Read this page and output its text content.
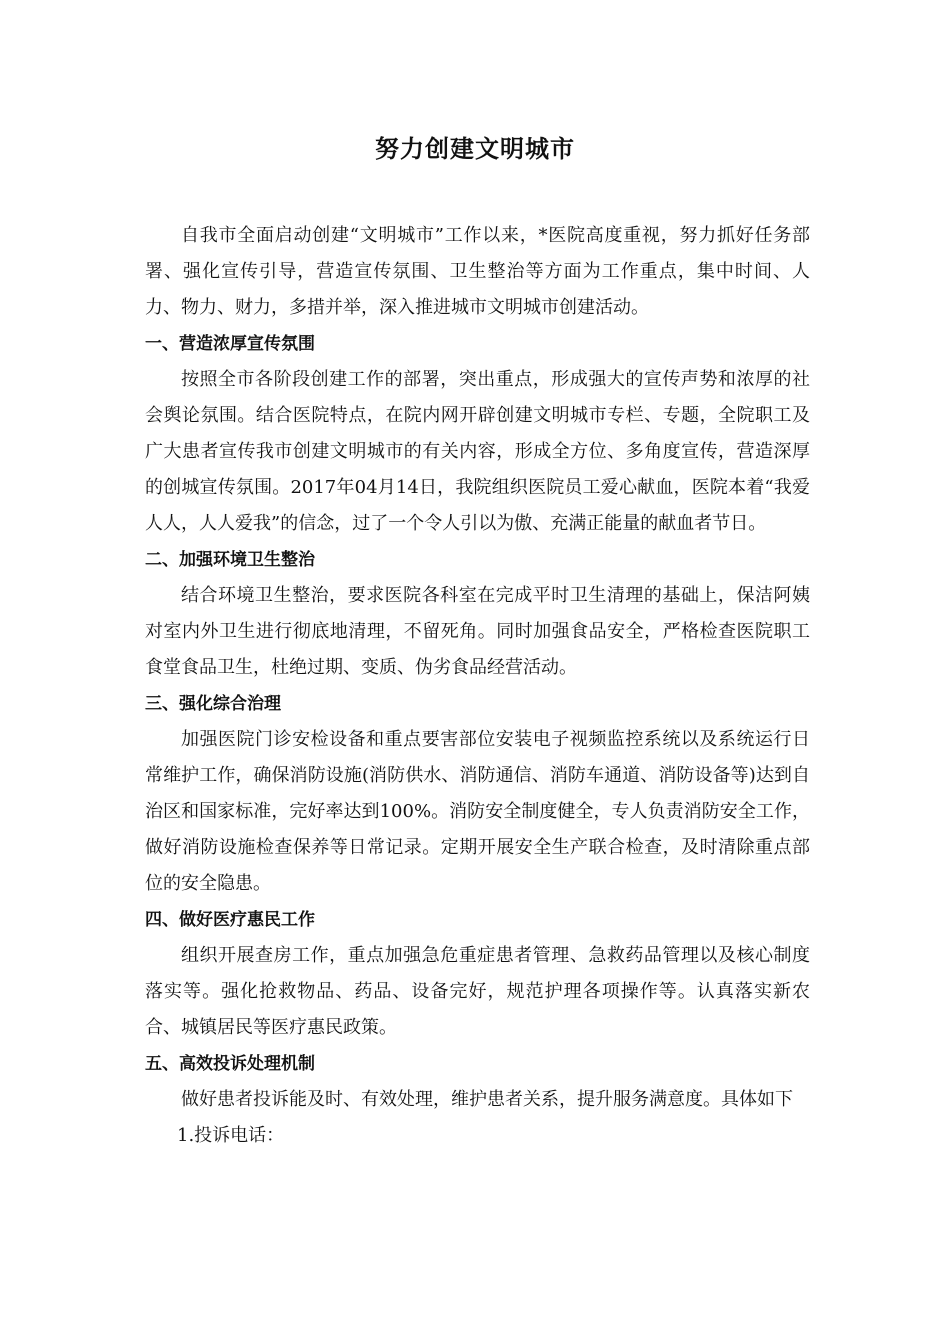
努力创建文明城市

自我市全面启动创建“文明城市”工作以来，*医院高度重视，努力抓好任务部署、强化宣传引导，营造宣传氛围、卫生整治等方面为工作重点，集中时间、人力、物力、财力，多措并举，深入推进城市文明城市创建活动。

一、营造浓厚宣传氛围

按照全市各阶段创建工作的部署，突出重点，形成强大的宣传声势和浓厚的社会舆论氛围。结合医院特点，在院内网开辟创建文明城市专栏、专题，全院职工及广大患者宣传我市创建文明城市的有关内容，形成全方位、多角度宣传，营造深厚的创城宣传氛围。2017年04月14日，我院组织医院员工爱心献血，医院本着“我爱人人，人人爱我”的信念，过了一个令人引以为傲、充满正能量的献血者节日。

二、加强环境卫生整治

结合环境卫生整治，要求医院各科室在完成平时卫生清理的基础上，保洁阿姨对室内外卫生进行彻底地清理，不留死角。同时加强食品安全，严格检查医院职工食堂食品卫生，杜绝过期、变质、伪劣食品经营活动。

三、强化综合治理

加强医院门诊安检设备和重点要害部位安装电子视频监控系统以及系统运行日常维护工作，确保消防设施(消防供水、消防通信、消防车通道、消防设备等)达到自治区和国家标准，完好率达到100%。消防安全制度健全，专人负责消防安全工作，做好消防设施检查保养等日常记录。定期开展安全生产联合检查，及时清除重点部位的安全隐患。

四、做好医疗惠民工作

组织开展查房工作，重点加强急危重症患者管理、急救药品管理以及核心制度落实等。强化抢救物品、药品、设备完好，规范护理各项操作等。认真落实新农合、城镇居民等医疗惠民政策。

五、高效投诉处理机制

做好患者投诉能及时、有效处理，维护患者关系，提升服务满意度。具体如下

1.投诉电话：
